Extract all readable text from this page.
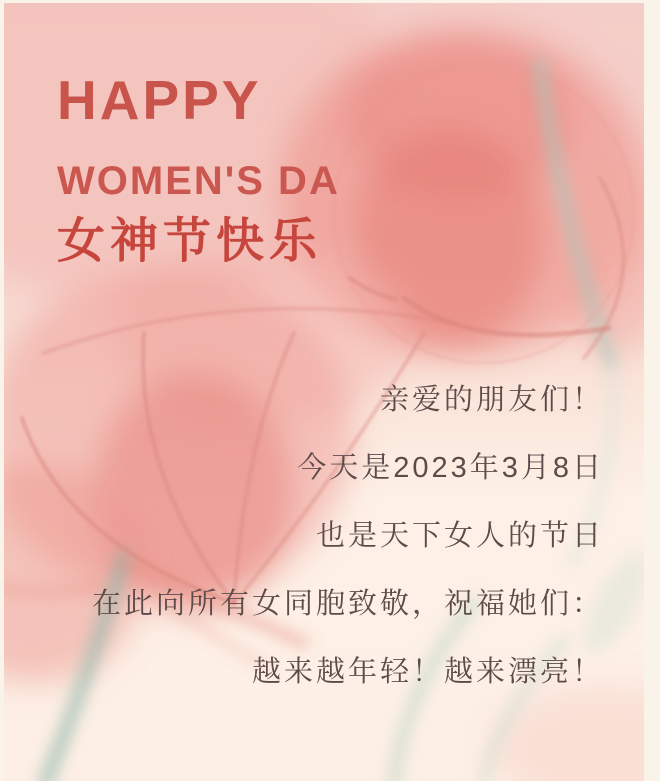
HAPPY
WOMEN'S DA
女神节快乐
亲爱的朋友们！
今天是2023年3月8日
也是天下女人的节日
在此向所有女同胞致敬，祝福她们：
越来越年轻！越来漂亮！
